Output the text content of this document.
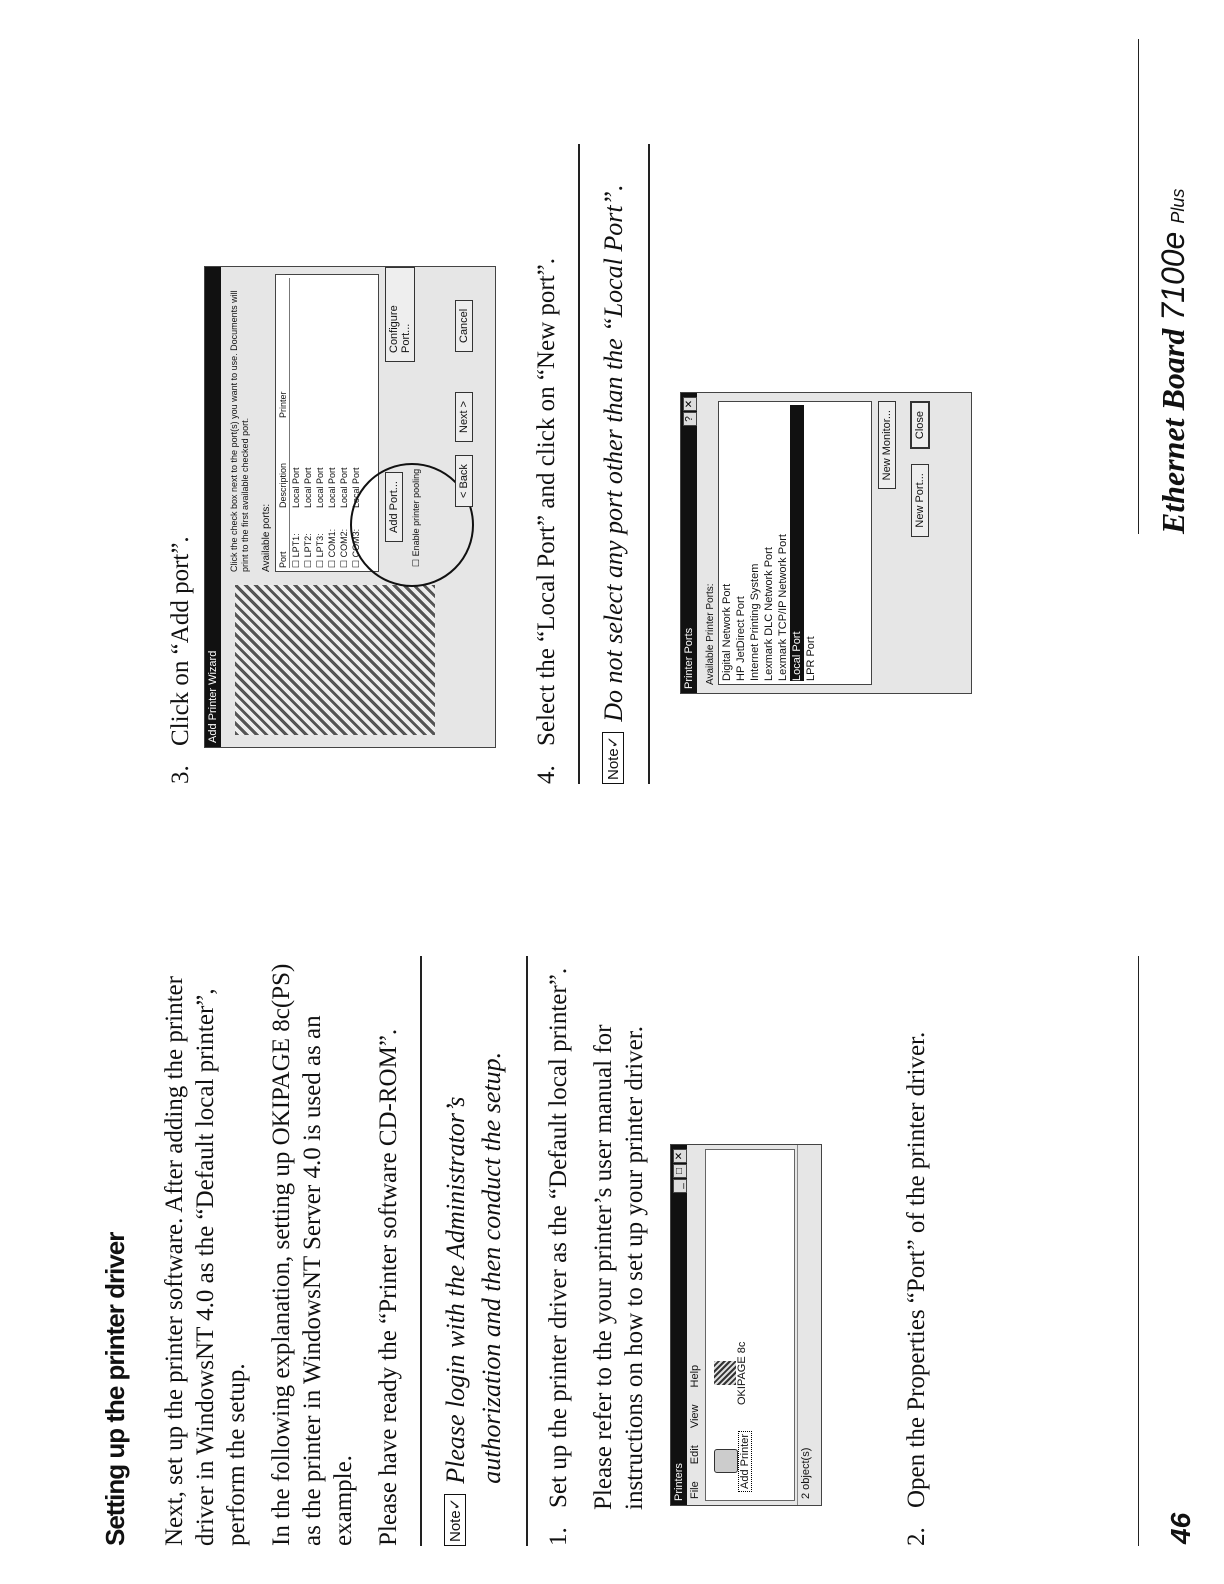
Setting up the printer driver Next, set up the printer software. After adding the printer driver in WindowsNT 4.0 as the “Default local printer”, perform the setup. In the following explanation, setting up OKIPAGE 8c(PS) as the printer in WindowsNT Server 4.0 is used as an example. Please have ready the “Printer software CD-ROM”.	Note✓
Please login with the Administrator’s authorization and then conduct the setup.
1.
Set up the printer driver as the “Default local printer”. Please refer to the your printer’s user manual for instructions on how to set up your printer driver. Printers
_□✕
File Edit View Help
Add Printer
OKIPAGE 8c
2 object(s)
2.
Open the Properties “Port” of the printer driver.
3.
Click on “Add port”. Add Printer Wizard
Click the check box next to the port(s) you want to use. Documents will print to the first available checked port. Available ports: Port
Description
Printer
☐ LPT1:
Local Port
☐ LPT2:
Local Port
☐ LPT3:
Local Port
☐ COM1:
Local Port
☐ COM2:
Local Port
☐ COM3:
Local Port Add Port...
Configure Port...
☐ Enable printer pooling	< Back
Next >
Cancel
4.
Select the “Local Port” and click on “New port”.
Note✓
Do not select any port other than the “Local Port”.	Printer Ports
?✕
Available Printer Ports: Digital Network Port HP JetDirect Port Internet Printing System Lexmark DLC Network Port Lexmark TCP/IP Network Port Local Port LPR Port
New Monitor...
New Port... Close
46
Ethernet Board 7100e Plus
